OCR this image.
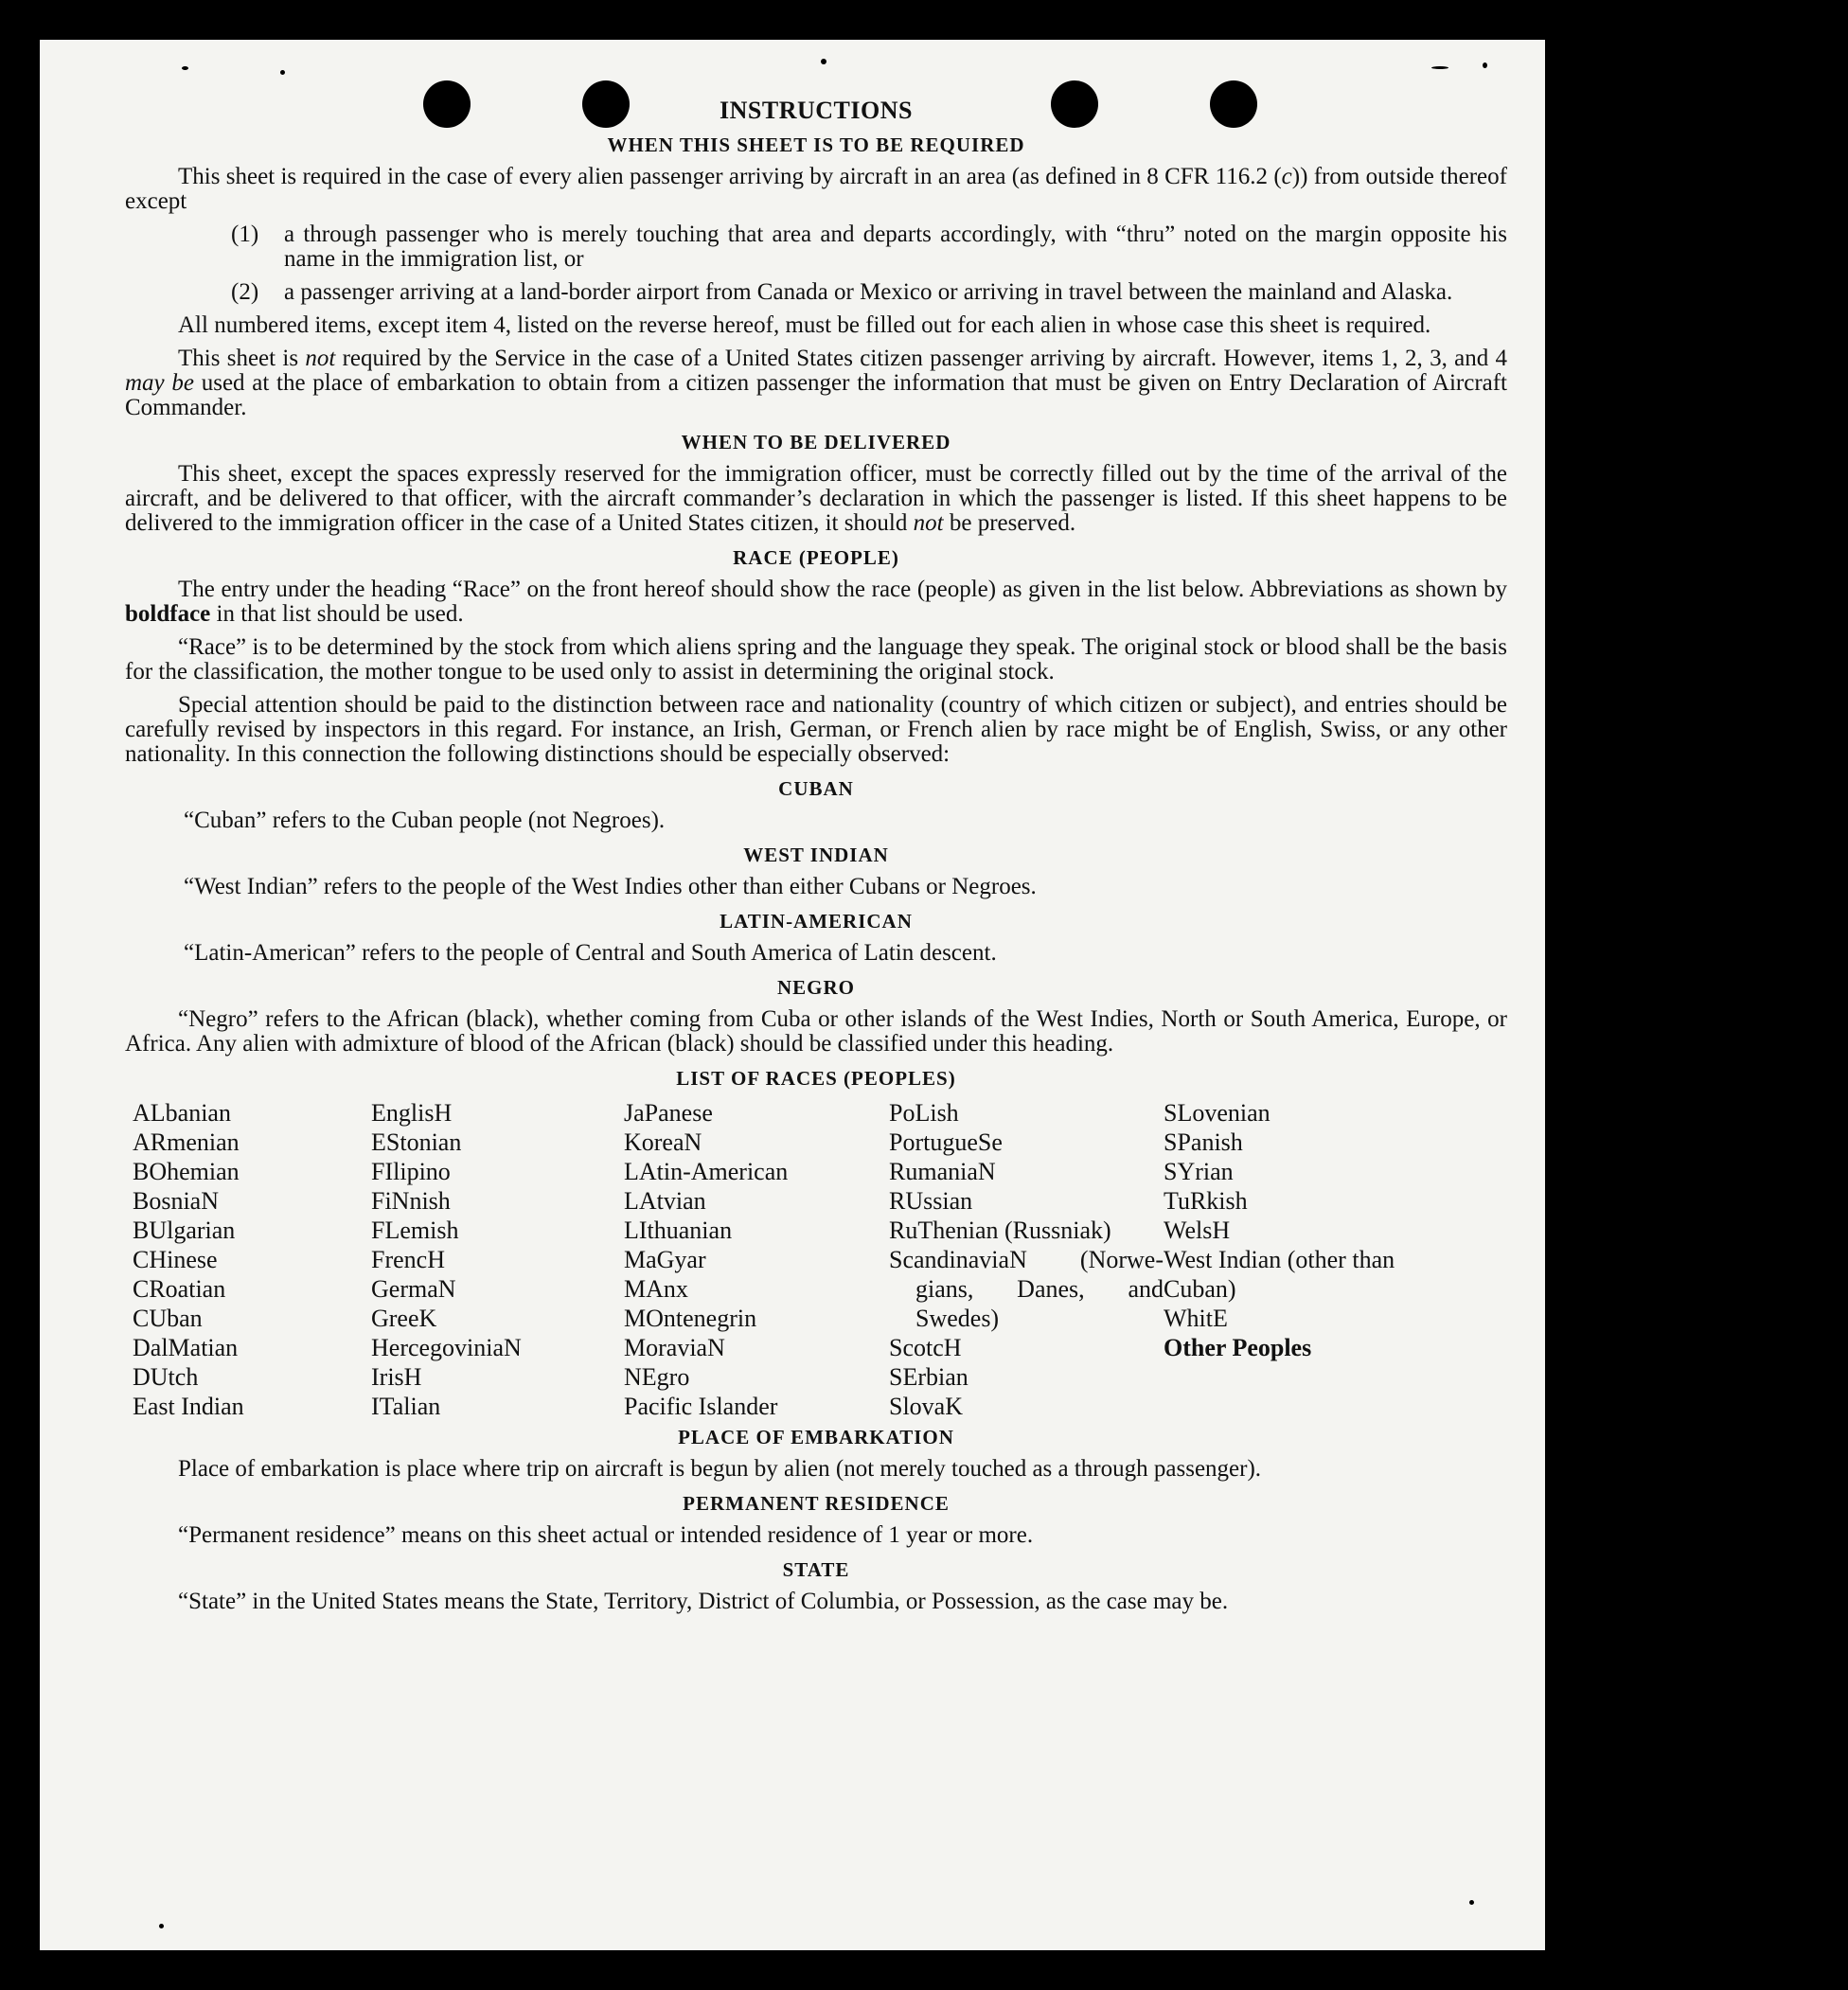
INSTRUCTIONS
WHEN THIS SHEET IS TO BE REQUIRED

This sheet is required in the case of every alien passenger arriving by aircraft in an area (as defined in 8 CFR 116.2 (c)) from outside thereof except

(1)	a through passenger who is merely touching that area and departs accordingly, with “thru” noted on the margin opposite his name in the immigration list, or
(2)	a passenger arriving at a land-border airport from Canada or Mexico or arriving in travel between the mainland and Alaska.

All numbered items, except item 4, listed on the reverse hereof, must be filled out for each alien in whose case this sheet is required.

This sheet is not required by the Service in the case of a United States citizen passenger arriving by aircraft. However, items 1, 2, 3, and 4 may be used at the place of embarkation to obtain from a citizen passenger the information that must be given on Entry Declaration of Aircraft Commander.

WHEN TO BE DELIVERED

This sheet, except the spaces expressly reserved for the immigration officer, must be correctly filled out by the time of the arrival of the aircraft, and be delivered to that officer, with the aircraft commander’s declaration in which the passenger is listed. If this sheet happens to be delivered to the immigration officer in the case of a United States citizen, it should not be preserved.

RACE (PEOPLE)

The entry under the heading “Race” on the front hereof should show the race (people) as given in the list below. Abbreviations as shown by boldface in that list should be used.

“Race” is to be determined by the stock from which aliens spring and the language they speak. The original stock or blood shall be the basis for the classification, the mother tongue to be used only to assist in determining the original stock.

Special attention should be paid to the distinction between race and nationality (country of which citizen or subject), and entries should be carefully revised by inspectors in this regard. For instance, an Irish, German, or French alien by race might be of English, Swiss, or any other nationality. In this connection the following distinctions should be especially observed:

CUBAN

“Cuban” refers to the Cuban people (not Negroes).

WEST INDIAN

“West Indian” refers to the people of the West Indies other than either Cubans or Negroes.

LATIN-AMERICAN

“Latin-American” refers to the people of Central and South America of Latin descent.

NEGRO

“Negro” refers to the African (black), whether coming from Cuba or other islands of the West Indies, North or South America, Europe, or Africa. Any alien with admixture of blood of the African (black) should be classified under this heading.

LIST OF RACES (PEOPLES)
ALbanian
ARmenian
BOhemian
BosniaN
BUlgarian
CHinese
CRoatian
CUban
DalMatian
DUtch
East Indian
EnglisH
EStonian
FIlipino
FiNnish
FLemish
FrencH
GermaN
GreeK
HercegoviniaN
IrisH
ITalian
JaPanese
KoreaN
LAtin-American
LAtvian
LIthuanian
MaGyar
MAnx
MOntenegrin
MoraviaN
NEgro
Pacific Islander
PoLish
PortugueSe
RumaniaN
RUssian
RuThenian (Russniak)
ScandinaviaN (Norwe-
gians, Danes, and Swedes)
ScotcH
SErbian
SlovaK
SLovenian
SPanish
SYrian
TuRkish
WelsH
West Indian (other than Cuban)
WhitE
Other Peoples
PLACE OF EMBARKATION

Place of embarkation is place where trip on aircraft is begun by alien (not merely touched as a through passenger).

PERMANENT RESIDENCE

“Permanent residence” means on this sheet actual or intended residence of 1 year or more.

STATE

“State” in the United States means the State, Territory, District of Columbia, or Possession, as the case may be.
